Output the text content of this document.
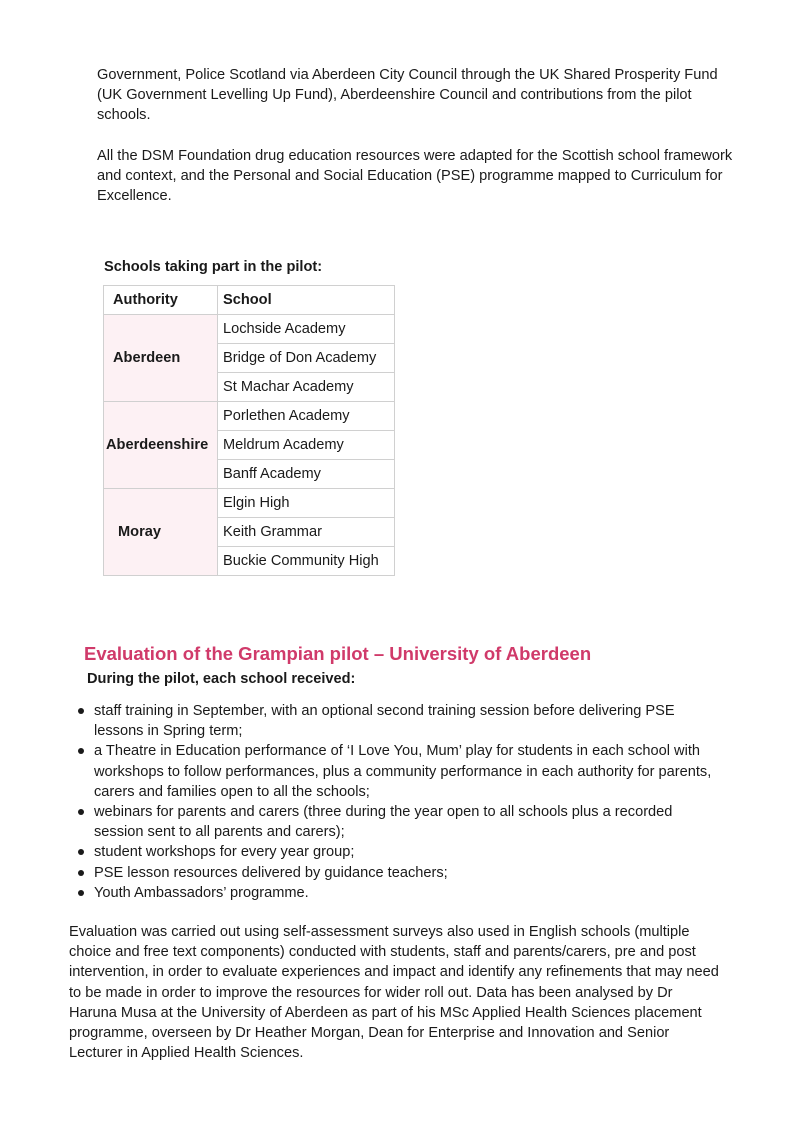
Government, Police Scotland via Aberdeen City Council through the UK Shared Prosperity Fund (UK Government Levelling Up Fund), Aberdeenshire Council and contributions from the pilot schools.

All the DSM Foundation drug education resources were adapted for the Scottish school framework and context, and the Personal and Social Education (PSE) programme mapped to Curriculum for Excellence.

Schools taking part in the pilot:

Authority	School
Aberdeen	Lochside Academy
	Bridge of Don Academy
	St Machar Academy
Aberdeenshire	Porlethen Academy
	Meldrum Academy
	Banff Academy
Moray	Elgin High
	Keith Grammar
	Buckie Community High
Evaluation of the Grampian pilot – University of Aberdeen

During the pilot, each school received:

staff training in September, with an optional second training session before delivering PSE lessons in Spring term;
a Theatre in Education performance of ‘I Love You, Mum’ play for students in each school with workshops to follow performances, plus a community performance in each authority for parents, carers and families open to all the schools;
webinars for parents and carers (three during the year open to all schools plus a recorded session sent to all parents and carers);
student workshops for every year group;
PSE lesson resources delivered by guidance teachers;
Youth Ambassadors’ programme.

Evaluation was carried out using self-assessment surveys also used in English schools (multiple choice and free text components) conducted with students, staff and parents/carers, pre and post intervention, in order to evaluate experiences and impact and identify any refinements that may need to be made in order to improve the resources for wider roll out. Data has been analysed by Dr Haruna Musa at the University of Aberdeen as part of his MSc Applied Health Sciences placement programme, overseen by Dr Heather Morgan, Dean for Enterprise and Innovation and Senior Lecturer in Applied Health Sciences.
